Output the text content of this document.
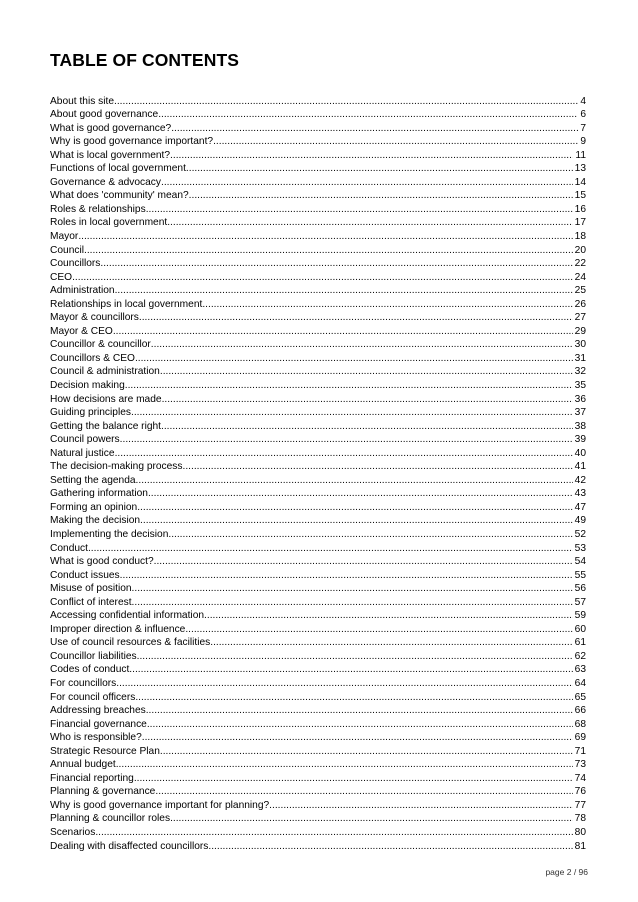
TABLE OF CONTENTS
About this site .....	4
About good governance .....	6
What is good governance? .....	7
Why is good governance important? .....	9
What is local government? .....	11
Functions of local government .....	13
Governance & advocacy .....	14
What does 'community' mean? .....	15
Roles & relationships .....	16
Roles in local government .....	17
Mayor .....	18
Council .....	20
Councillors .....	22
CEO .....	24
Administration .....	25
Relationships in local government .....	26
Mayor & councillors .....	27
Mayor & CEO .....	29
Councillor & councillor .....	30
Councillors & CEO .....	31
Council & administration .....	32
Decision making .....	35
How decisions are made .....	36
Guiding principles .....	37
Getting the balance right .....	38
Council powers .....	39
Natural justice .....	40
The decision-making process .....	41
Setting the agenda .....	42
Gathering information .....	43
Forming an opinion .....	47
Making the decision .....	49
Implementing the decision .....	52
Conduct .....	53
What is good conduct? .....	54
Conduct issues .....	55
Misuse of position .....	56
Conflict of interest .....	57
Accessing confidential information .....	59
Improper direction & influence .....	60
Use of council resources & facilities .....	61
Councillor liabilities .....	62
Codes of conduct .....	63
For councillors .....	64
For council officers .....	65
Addressing breaches .....	66
Financial governance .....	68
Who is responsible? .....	69
Strategic Resource Plan .....	71
Annual budget .....	73
Financial reporting .....	74
Planning & governance .....	76
Why is good governance important for planning? .....	77
Planning & councillor roles .....	78
Scenarios .....	80
Dealing with disaffected councillors .....	81
page 2 / 96
